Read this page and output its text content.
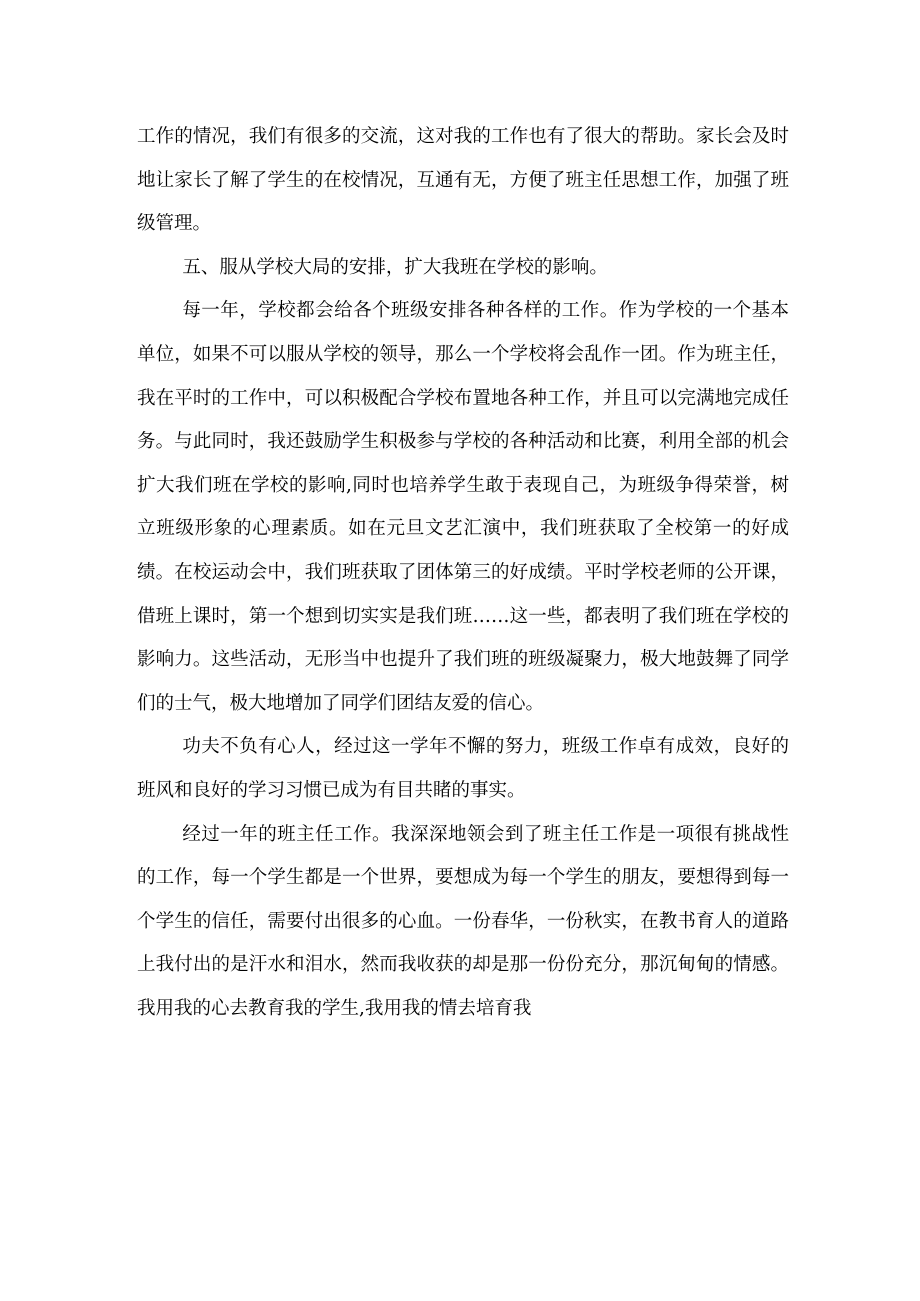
工作的情况，我们有很多的交流，这对我的工作也有了很大的帮助。家长会及时地让家长了解了学生的在校情况，互通有无，方便了班主任思想工作，加强了班级管理。

五、服从学校大局的安排，扩大我班在学校的影响。

每一年，学校都会给各个班级安排各种各样的工作。作为学校的一个基本单位，如果不可以服从学校的领导，那么一个学校将会乱作一团。作为班主任，我在平时的工作中，可以积极配合学校布置地各种工作，并且可以完满地完成任务。与此同时，我还鼓励学生积极参与学校的各种活动和比赛，利用全部的机会扩大我们班在学校的影响,同时也培养学生敢于表现自己，为班级争得荣誉，树立班级形象的心理素质。如在元旦文艺汇演中，我们班获取了全校第一的好成绩。在校运动会中，我们班获取了团体第三的好成绩。平时学校老师的公开课，借班上课时，第一个想到切实实是我们班……这一些，都表明了我们班在学校的影响力。这些活动，无形当中也提升了我们班的班级凝聚力，极大地鼓舞了同学们的士气，极大地增加了同学们团结友爱的信心。

功夫不负有心人，经过这一学年不懈的努力，班级工作卓有成效，良好的班风和良好的学习习惯已成为有目共睹的事实。

经过一年的班主任工作。我深深地领会到了班主任工作是一项很有挑战性的工作，每一个学生都是一个世界，要想成为每一个学生的朋友，要想得到每一个学生的信任，需要付出很多的心血。一份春华，一份秋实，在教书育人的道路上我付出的是汗水和泪水，然而我收获的却是那一份份充分，那沉甸甸的情感。我用我的心去教育我的学生,我用我的情去培育我
